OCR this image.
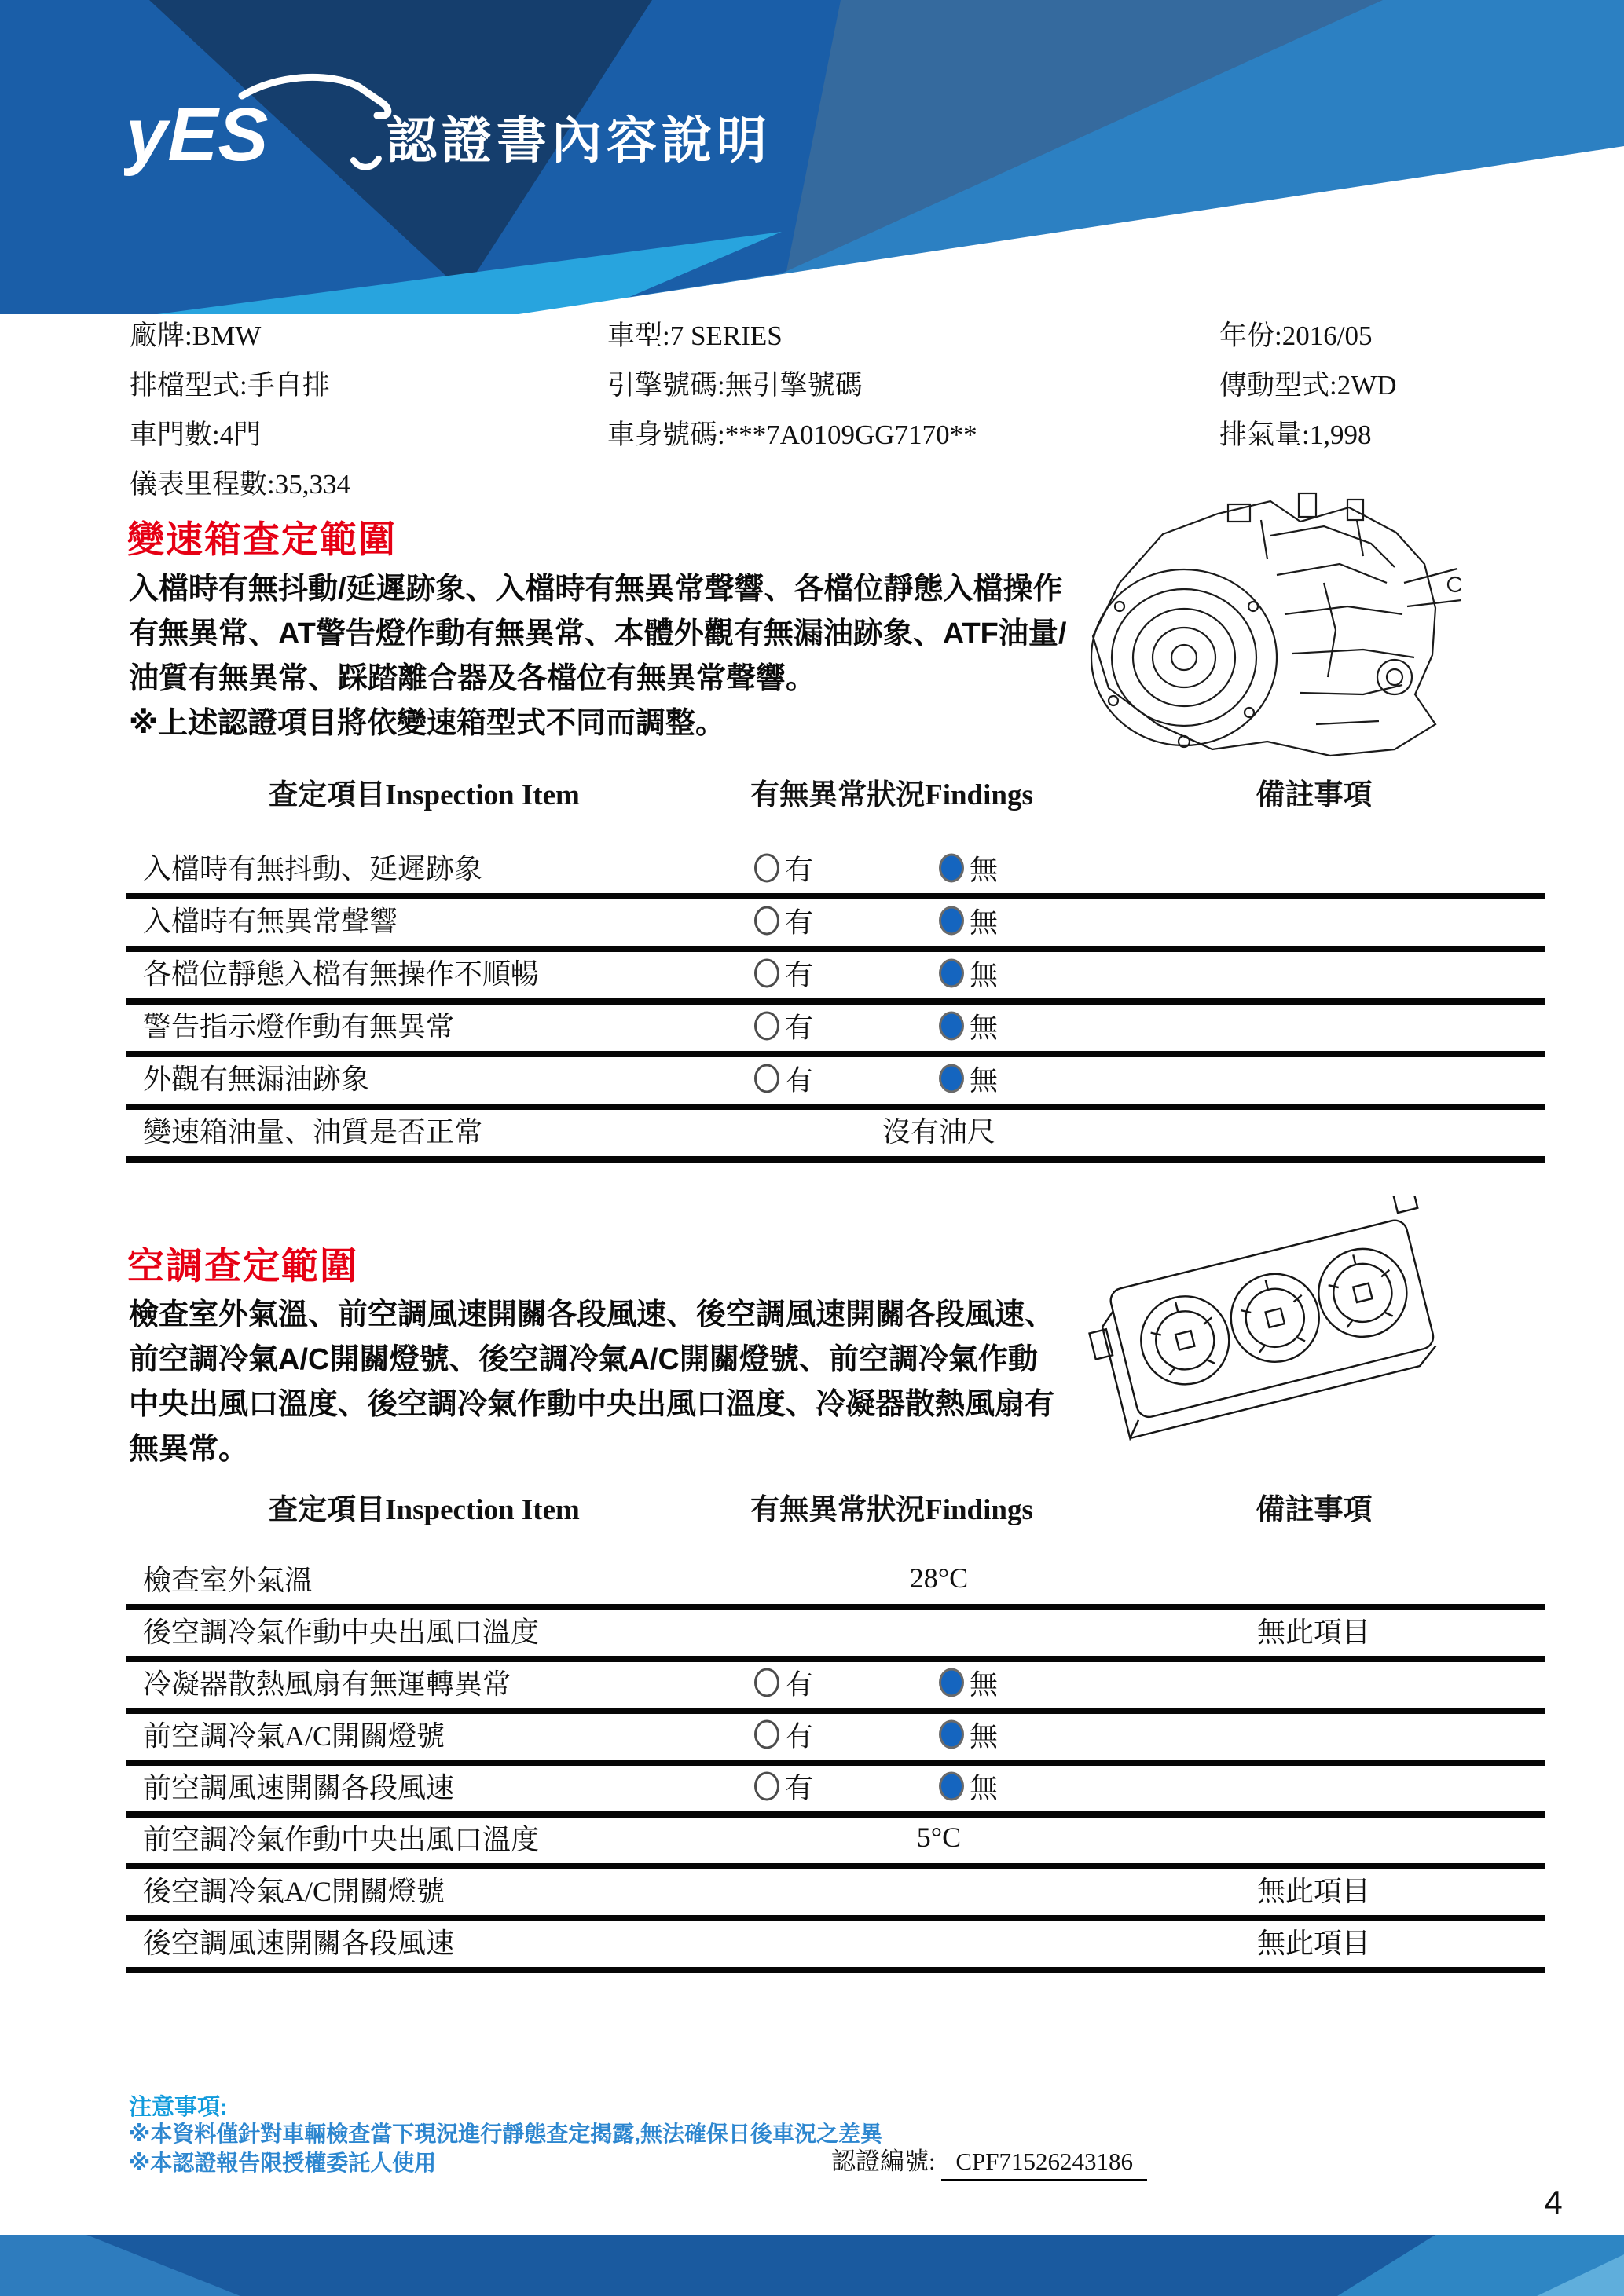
yES 認證書內容說明
廠牌 : BMW
排檔型式 : 手自排
車門數 : 4門
儀表里程數 : 35,334
車型 : 7 SERIES
引擎號碼 : 無引擎號碼
車身號碼 : ***7A0109GG7170**
年份 : 2016/05
傳動型式 : 2WD
排氣量 : 1,998
變速箱查定範圍
入檔時有無抖動/延遲跡象、入檔時有無異常聲響、各檔位靜態入檔操作
有無異常、AT警告燈作動有無異常、本體外觀有無漏油跡象、ATF油量/
油質有無異常、踩踏離合器及各檔位有無異常聲響。
※上述認證項目將依變速箱型式不同而調整。
查定項目Inspection Item	有無異常狀況Findings	備註事項
入檔時有無抖動、延遲跡象	有	無
入檔時有無異常聲響	有	無
各檔位靜態入檔有無操作不順暢	有	無
警告指示燈作動有無異常	有	無
外觀有無漏油跡象	有	無
變速箱油量、油質是否正常	沒有油尺
空調查定範圍
檢查室外氣溫、前空調風速開關各段風速、後空調風速開關各段風速、
前空調冷氣A/C開關燈號、後空調冷氣A/C開關燈號、前空調冷氣作動
中央出風口溫度、後空調冷氣作動中央出風口溫度、冷凝器散熱風扇有
無異常。
查定項目Inspection Item	有無異常狀況Findings	備註事項
檢查室外氣溫	28°C
後空調冷氣作動中央出風口溫度	無此項目
冷凝器散熱風扇有無運轉異常	有	無
前空調冷氣A/C開關燈號	有	無
前空調風速開關各段風速	有	無
前空調冷氣作動中央出風口溫度	5°C
後空調冷氣A/C開關燈號	無此項目
後空調風速開關各段風速	無此項目
注意事項:
※本資料僅針對車輛檢查當下現況進行靜態查定揭露,無法確保日後車況之差異
※本認證報告限授權委託人使用	認證編號 : CPF71526243186
4
